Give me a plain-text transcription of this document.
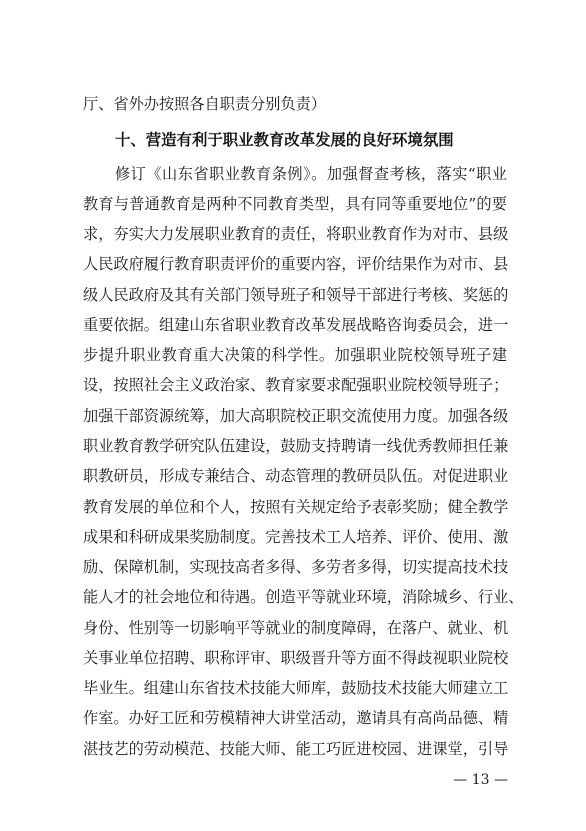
厅、省外办按照各自职责分别负责）
十、营造有利于职业教育改革发展的良好环境氛围
修订《山东省职业教育条例》。加强督查考核，落实“职业
教育与普通教育是两种不同教育类型，具有同等重要地位”的要
求，夯实大力发展职业教育的责任，将职业教育作为对市、县级
人民政府履行教育职责评价的重要内容，评价结果作为对市、县
级人民政府及其有关部门领导班子和领导干部进行考核、奖惩的
重要依据。组建山东省职业教育改革发展战略咨询委员会，进一
步提升职业教育重大决策的科学性。加强职业院校领导班子建
设，按照社会主义政治家、教育家要求配强职业院校领导班子；
加强干部资源统筹，加大高职院校正职交流使用力度。加强各级
职业教育教学研究队伍建设，鼓励支持聘请一线优秀教师担任兼
职教研员，形成专兼结合、动态管理的教研员队伍。对促进职业
教育发展的单位和个人，按照有关规定给予表彰奖励；健全教学
成果和科研成果奖励制度。完善技术工人培养、评价、使用、激
励、保障机制，实现技高者多得、多劳者多得，切实提高技术技
能人才的社会地位和待遇。创造平等就业环境，消除城乡、行业、
身份、性别等一切影响平等就业的制度障碍，在落户、就业、机
关事业单位招聘、职称评审、职级晋升等方面不得歧视职业院校
毕业生。组建山东省技术技能大师库，鼓励技术技能大师建立工
作室。办好工匠和劳模精神大讲堂活动，邀请具有高尚品德、精
湛技艺的劳动模范、技能大师、能工巧匠进校园、进课堂，引导
— 13 —
